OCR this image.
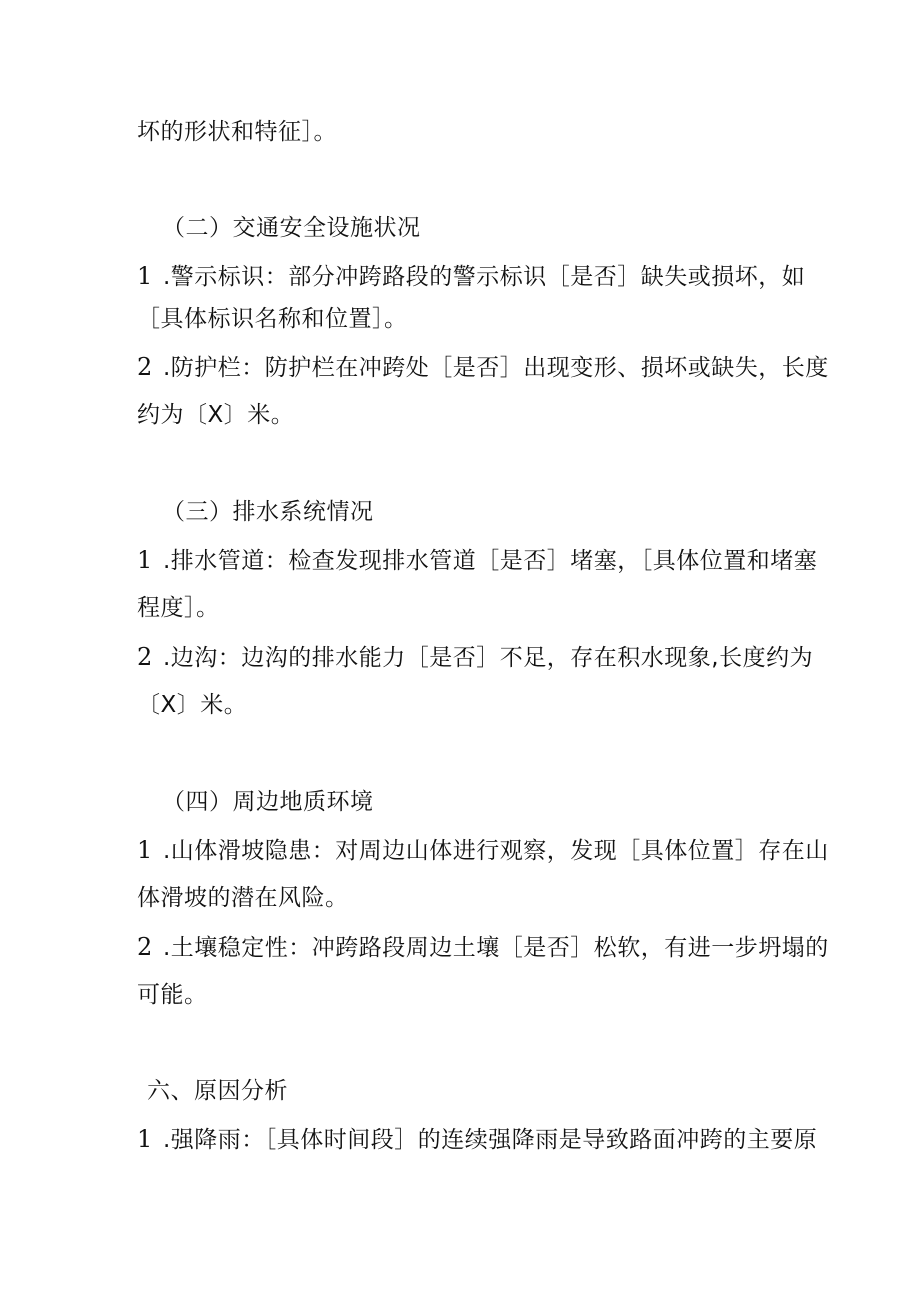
坏的形状和特征］。
（二）交通安全设施状况
1 .警示标识：部分冲跨路段的警示标识［是否］缺失或损坏，如
［具体标识名称和位置］。
2 .防护栏：防护栏在冲跨处［是否］出现变形、损坏或缺失，长度
约为〔X〕米。
（三）排水系统情况
1 .排水管道：检查发现排水管道［是否］堵塞，［具体位置和堵塞
程度］。
2 .边沟：边沟的排水能力［是否］不足，存在积水现象,长度约为
〔X〕米。
（四）周边地质环境
1 .山体滑坡隐患：对周边山体进行观察，发现［具体位置］存在山
体滑坡的潜在风险。
2 .土壤稳定性：冲跨路段周边土壤［是否］松软，有进一步坍塌的
可能。
六、原因分析
1 .强降雨：［具体时间段］的连续强降雨是导致路面冲跨的主要原
